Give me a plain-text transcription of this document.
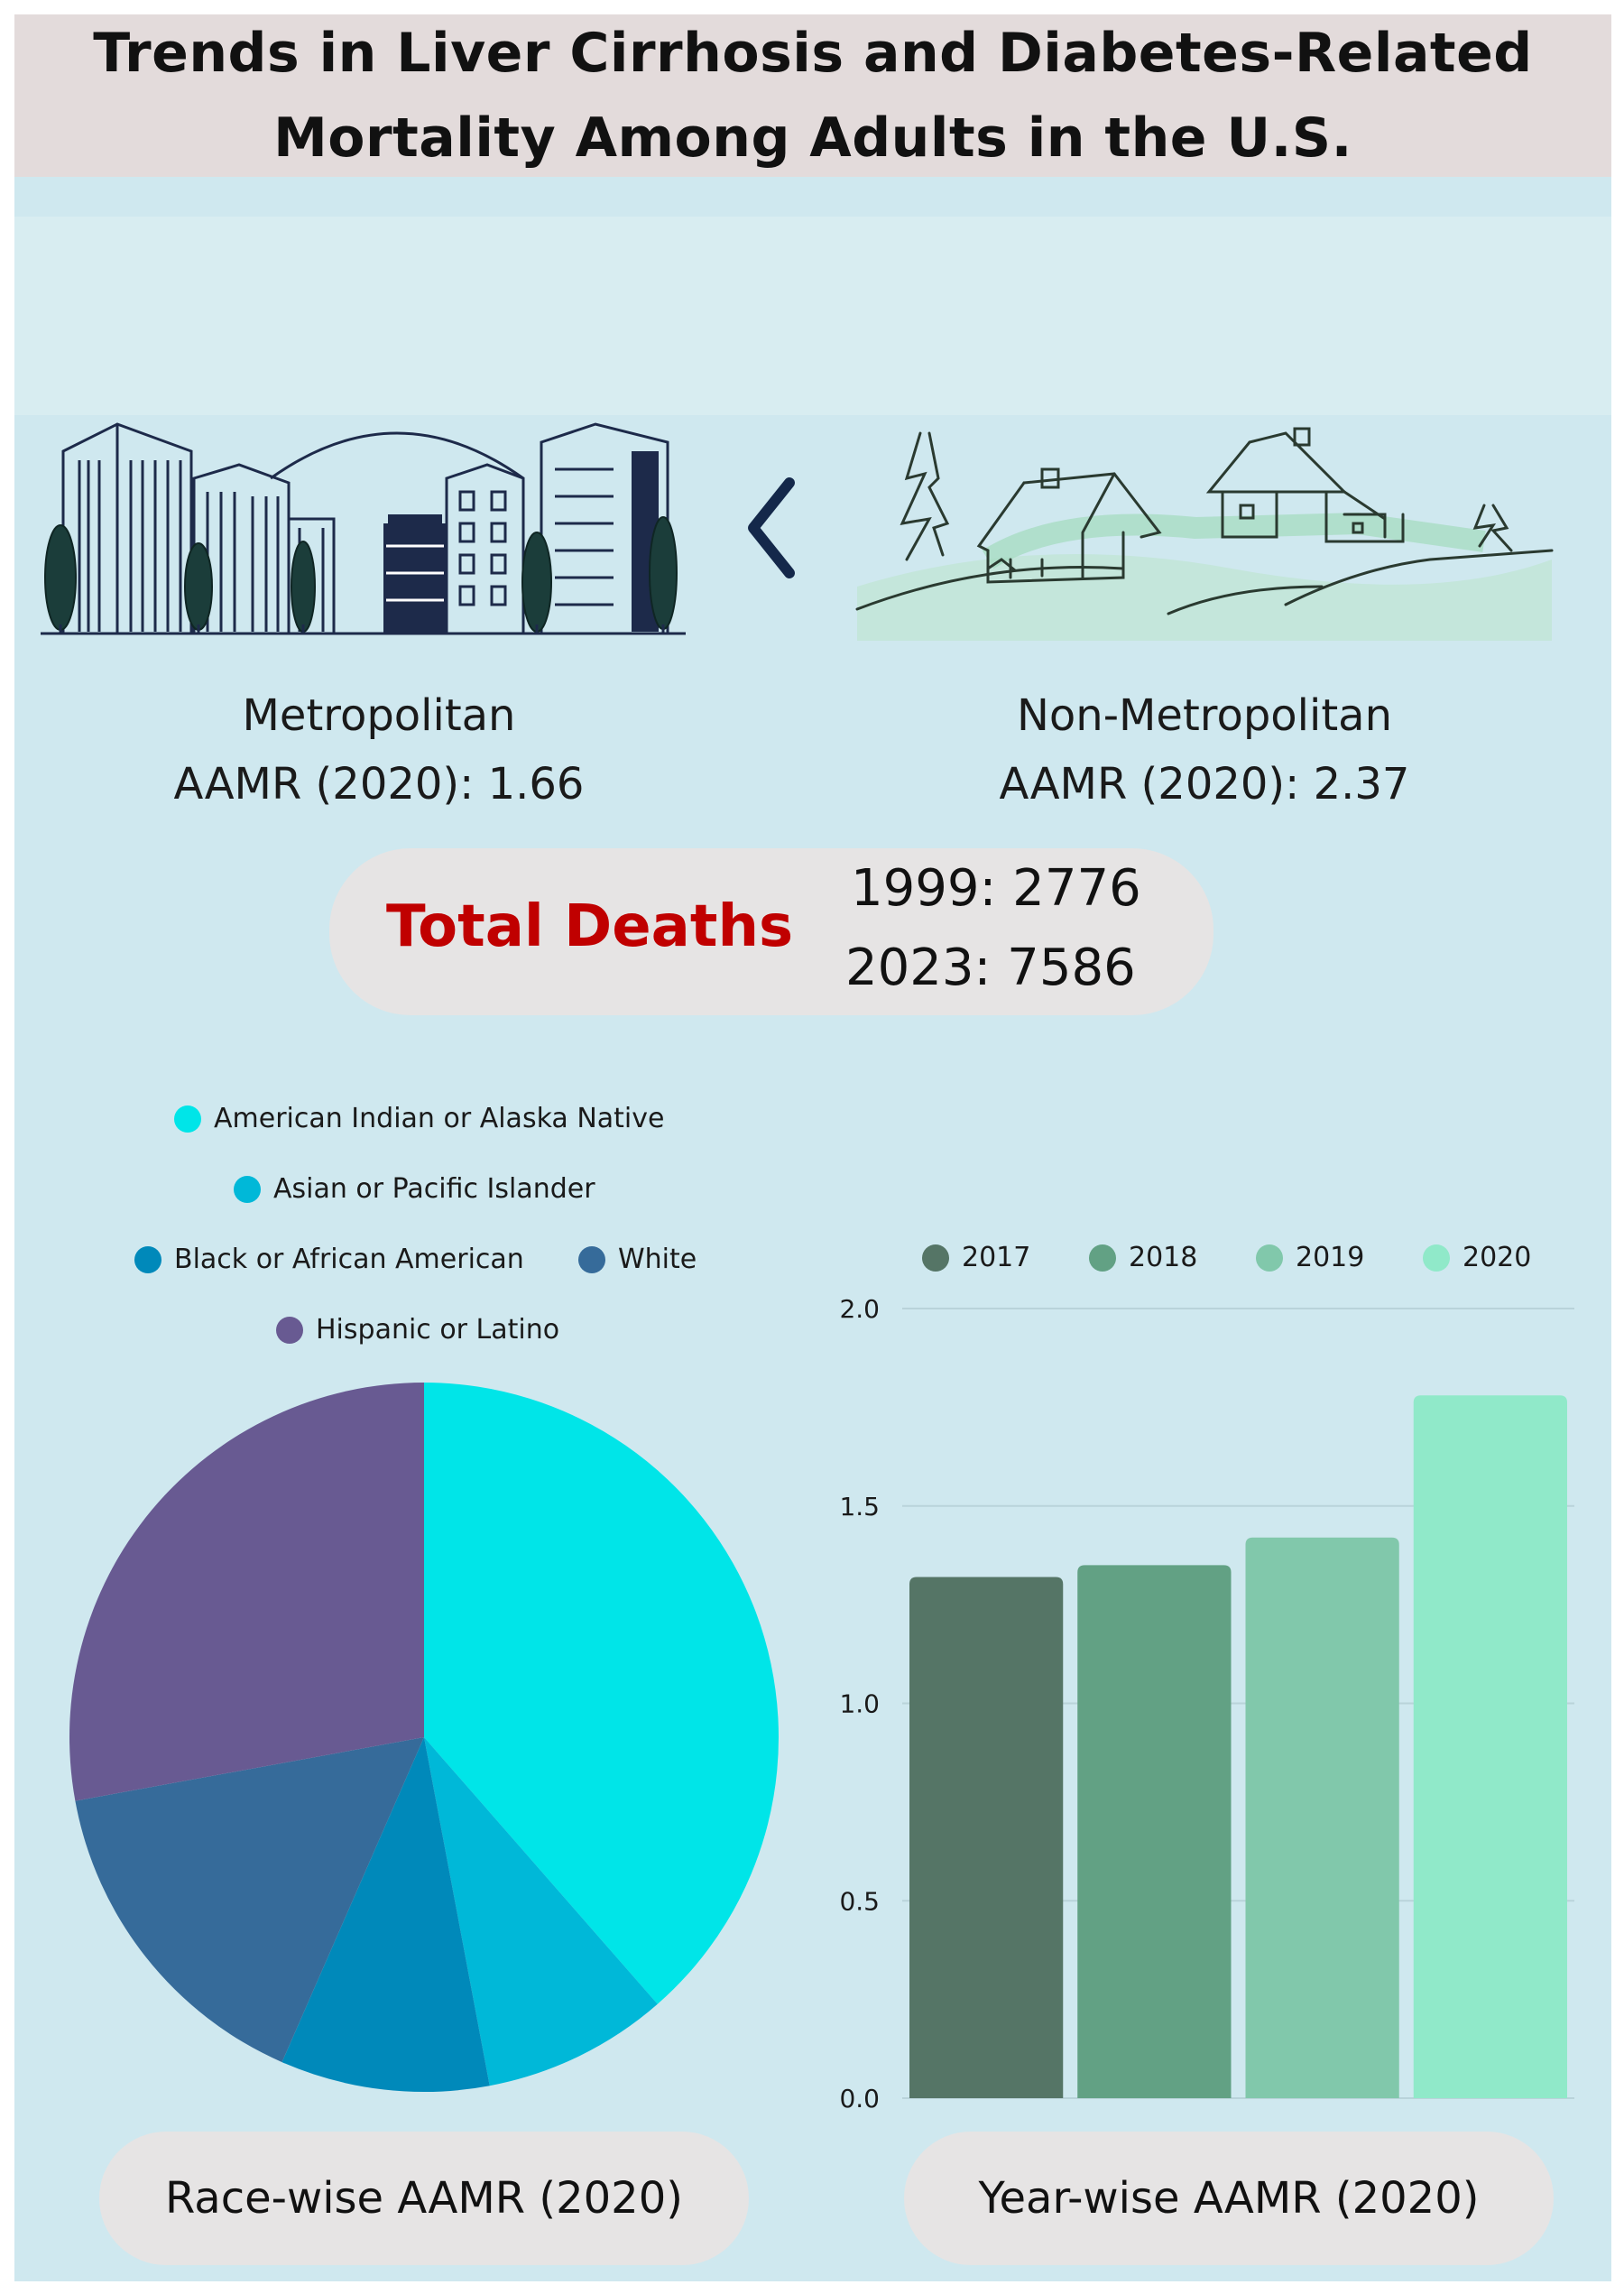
Trends in Liver Cirrhosis and Diabetes-Related Mortality Among Adults in the U.S.
Metropolitan
AAMR (2020): 1.66
Non-Metropolitan
AAMR (2020): 2.37
Total Deaths
1999: 2776
2023: 7586
American Indian or Alaska Native
Asian or Pacific Islander
Black or African American	White
Hispanic or Latino
2017	2018	2019	2020
0.0
0.5
1.0
1.5
2.0
Race-wise AAMR (2020)	Year-wise AAMR (2020)
